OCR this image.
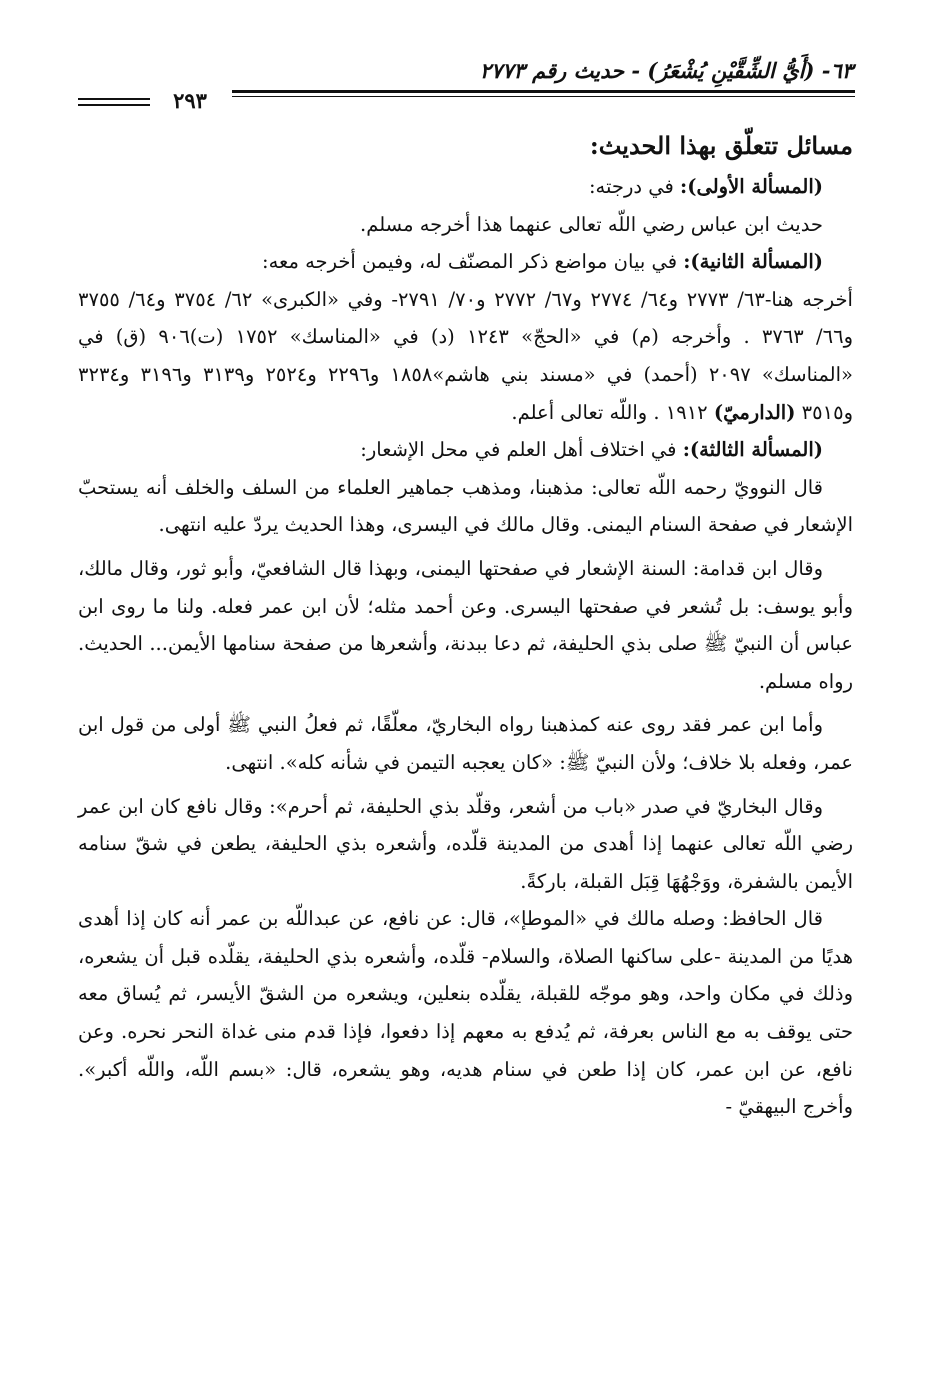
٦٣- (أَيُّ الشِّقَّيْنِ يُشْعَرُ) - حديث رقم ٢٧٧٣
٢٩٣
مسائل تتعلّق بهذا الحديث:

(المسألة الأولى): في درجته:

حديث ابن عباس رضي اللّه تعالى عنهما هذا أخرجه مسلم.

(المسألة الثانية): في بيان مواضع ذكر المصنّف له، وفيمن أخرجه معه:

أخرجه هنا-٦٣/ ٢٧٧٣ و٦٤/ ٢٧٧٤ و٦٧/ ٢٧٧٢ و٧٠/ ٢٧٩١- وفي «الكبرى» ٦٢/ ٣٧٥٤ و٦٤/ ٣٧٥٥ و٦٦/ ٣٧٦٣ . وأخرجه (م) في «الحجّ» ١٢٤٣ (د) في «المناسك» ١٧٥٢ (ت)٩٠٦ (ق) في «المناسك» ٢٠٩٧ (أحمد) في «مسند بني هاشم»١٨٥٨ و٢٢٩٦ و٢٥٢٤ و٣١٣٩ و٣١٩٦ و٣٢٣٤ و٣٥١٥ (الدارميّ) ١٩١٢ . واللّه تعالى أعلم.

(المسألة الثالثة): في اختلاف أهل العلم في محل الإشعار:

قال النوويّ رحمه اللّه تعالى: مذهبنا، ومذهب جماهير العلماء من السلف والخلف أنه يستحبّ الإشعار في صفحة السنام اليمنى. وقال مالك في اليسرى، وهذا الحديث يردّ عليه انتهى.

وقال ابن قدامة: السنة الإشعار في صفحتها اليمنى، وبهذا قال الشافعيّ، وأبو ثور، وقال مالك، وأبو يوسف: بل تُشعر في صفحتها اليسرى. وعن أحمد مثله؛ لأن ابن عمر فعله. ولنا ما روى ابن عباس أن النبيّ ﷺ صلى بذي الحليفة، ثم دعا ببدنة، وأشعرها من صفحة سنامها الأيمن... الحديث. رواه مسلم.

وأما ابن عمر فقد روى عنه كمذهبنا رواه البخاريّ، معلّقًا، ثم فعلُ النبي ﷺ أولى من قول ابن عمر، وفعله بلا خلاف؛ ولأن النبيّ ﷺ: «كان يعجبه التيمن في شأنه كله». انتهى.

وقال البخاريّ في صدر «باب من أشعر، وقلّد بذي الحليفة، ثم أحرم»: وقال نافع كان ابن عمر رضي اللّه تعالى عنهما إذا أهدى من المدينة قلّده، وأشعره بذي الحليفة، يطعن في شقّ سنامه الأيمن بالشفرة، ووَجْهُهَا قِبَل القبلة، باركةً.

قال الحافظ: وصله مالك في «الموطإ»، قال: عن نافع، عن عبداللّه بن عمر أنه كان إذا أهدى هديًا من المدينة -على ساكنها الصلاة، والسلام- قلّده، وأشعره بذي الحليفة، يقلّده قبل أن يشعره، وذلك في مكان واحد، وهو موجّه للقبلة، يقلّده بنعلين، ويشعره من الشقّ الأيسر، ثم يُساق معه حتى يوقف به مع الناس بعرفة، ثم يُدفع به معهم إذا دفعوا، فإذا قدم منى غداة النحر نحره. وعن نافع، عن ابن عمر، كان إذا طعن في سنام هديه، وهو يشعره، قال: «بسم اللّه، واللّه أكبر». وأخرج البيهقيّ -
